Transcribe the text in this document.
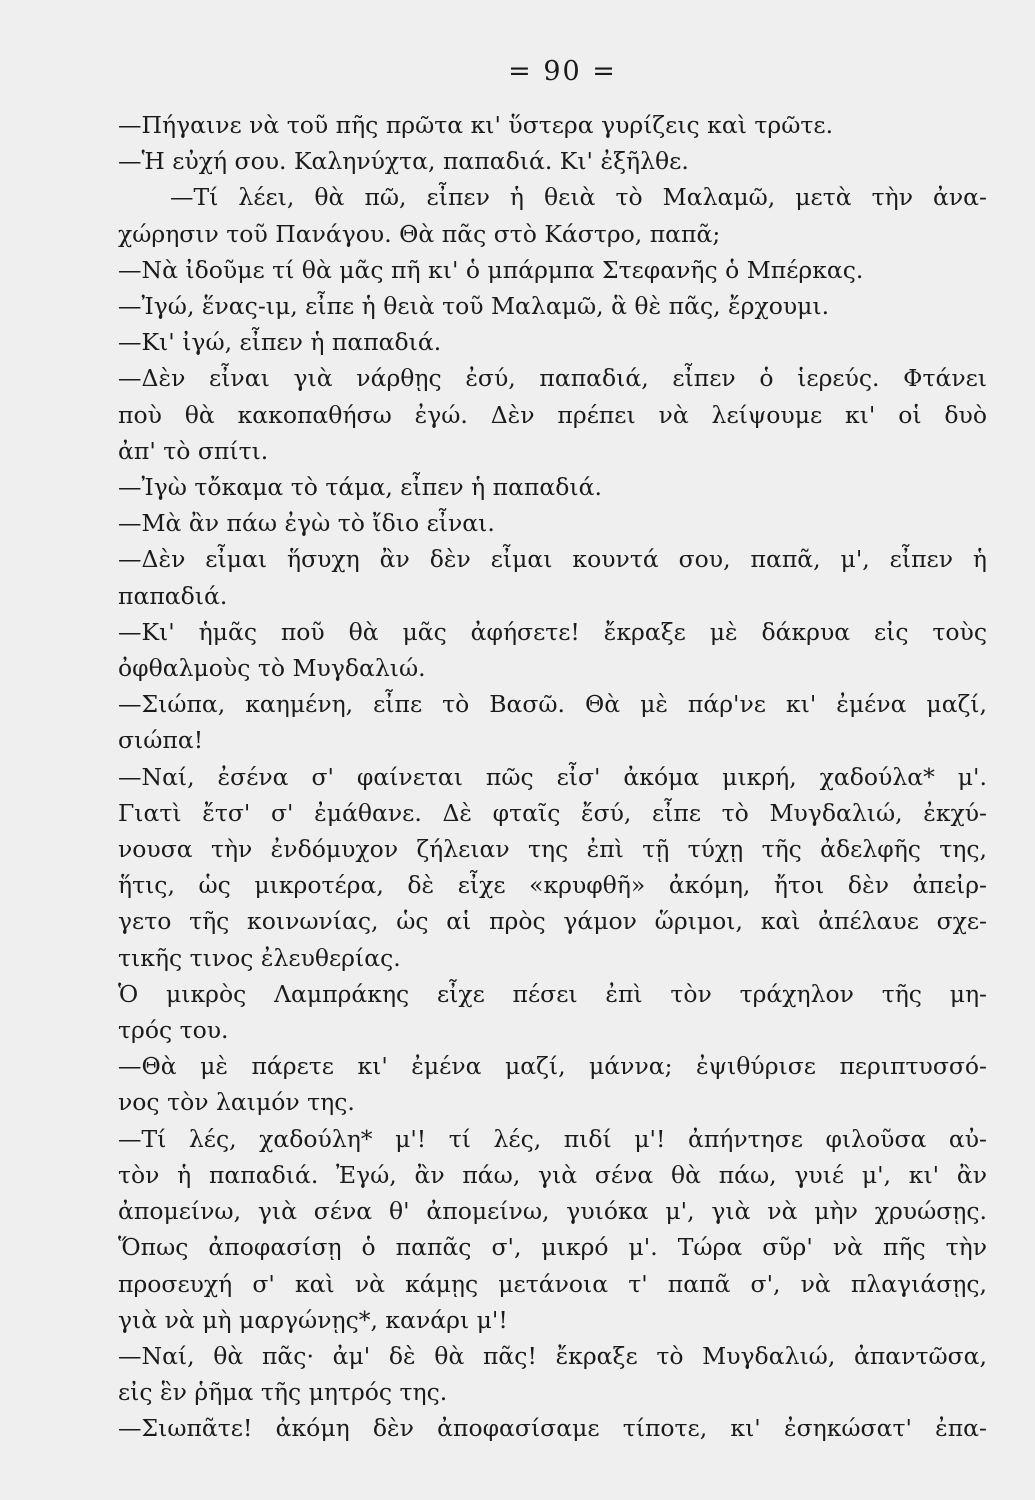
= 90 =
—Πήγαινε νὰ τοῦ πῆς πρῶτα κι' ὕστερα γυρίζεις καὶ τρῶτε.
—Ἡ εὐχή σου. Καληνύχτα, παπαδιά. Κι' ἐξῆλθε.
—Τί λέει, θὰ πῶ, εἶπεν ἡ θειὰ τὸ Μαλαμῶ, μετὰ τὴν ἀνα-
χώρησιν τοῦ Πανάγου. Θὰ πᾶς στὸ Κάστρο, παπᾶ;
—Νὰ ἰδοῦμε τί θὰ μᾶς πῆ κι' ὁ μπάρμπα Στεφανῆς ὁ Μπέρκας.
—Ἰγώ, ἕνας-ιμ, εἶπε ἡ θειὰ τοῦ Μαλαμῶ, ἃ θὲ πᾶς, ἔρχουμι.
—Κι' ἰγώ, εἶπεν ἡ παπαδιά.
—Δὲν εἶναι γιὰ νάρθῃς ἐσύ, παπαδιά, εἶπεν ὁ ἱερεύς. Φτάνει
ποὺ θὰ κακοπαθήσω ἐγώ. Δὲν πρέπει νὰ λείψουμε κι' οἱ δυὸ
ἀπ' τὸ σπίτι.
—Ἰγὼ τὄκαμα τὸ τάμα, εἶπεν ἡ παπαδιά.
—Μὰ ἂν πάω ἐγὼ τὸ ἴδιο εἶναι.
—Δὲν εἶμαι ἥσυχη ἂν δὲν εἶμαι κουντά σου, παπᾶ, μ', εἶπεν ἡ
παπαδιά.
—Κι' ἡμᾶς ποῦ θὰ μᾶς ἀφήσετε! ἔκραξε μὲ δάκρυα εἰς τοὺς
ὀφθαλμοὺς τὸ Μυγδαλιώ.
—Σιώπα, καημένη, εἶπε τὸ Βασῶ. Θὰ μὲ πάρ'νε κι' ἐμένα μαζί,
σιώπα!
—Ναί, ἐσένα σ' φαίνεται πῶς εἶσ' ἀκόμα μικρή, χαδούλα* μ'.
Γιατὶ ἔτσ' σ' ἐμάθανε. Δὲ φταῖς ἔσύ, εἶπε τὸ Μυγδαλιώ, ἐκχύ-
νουσα τὴν ἐνδόμυχον ζήλειαν της ἐπὶ τῇ τύχῃ τῆς ἀδελφῆς της,
ἥτις, ὡς μικροτέρα, δὲ εἶχε «κρυφθῆ» ἀκόμη, ἤτοι δὲν ἀπεἰρ-
γετο τῆς κοινωνίας, ὡς αἱ πρὸς γάμον ὥριμοι, καὶ ἀπέλαυε σχε-
τικῆς τινος ἐλευθερίας.
Ὁ μικρὸς Λαμπράκης εἶχε πέσει ἐπὶ τὸν τράχηλον τῆς μη-
τρός του.
—Θὰ μὲ πάρετε κι' ἐμένα μαζί, μάννα; ἐψιθύρισε περιπτυσσό-
νος τὸν λαιμόν της.
—Τί λές, χαδούλη* μ'! τί λές, πιδί μ'! ἀπήντησε φιλοῦσα αὐ-
τὸν ἡ παπαδιά. Ἐγώ, ἂν πάω, γιὰ σένα θὰ πάω, γυιέ μ', κι' ἂν
ἀπομείνω, γιὰ σένα θ' ἀπομείνω, γυιόκα μ', γιὰ νὰ μὴν χρυώσῃς.
Ὅπως ἀποφασίσῃ ὁ παπᾶς σ', μικρό μ'. Τώρα σῦρ' νὰ πῆς τὴν
προσευχή σ' καὶ νὰ κάμῃς μετάνοια τ' παπᾶ σ', νὰ πλαγιάσῃς,
γιὰ νὰ μὴ μαργώνῃς*, κανάρι μ'!
—Ναί, θὰ πᾶς· ἀμ' δὲ θὰ πᾶς! ἔκραξε τὸ Μυγδαλιώ, ἀπαντῶσα,
εἰς ἓν ῥῆμα τῆς μητρός της.
—Σιωπᾶτε! ἀκόμη δὲν ἀποφασίσαμε τίποτε, κι' ἐσηκώσατ' ἐπα-
